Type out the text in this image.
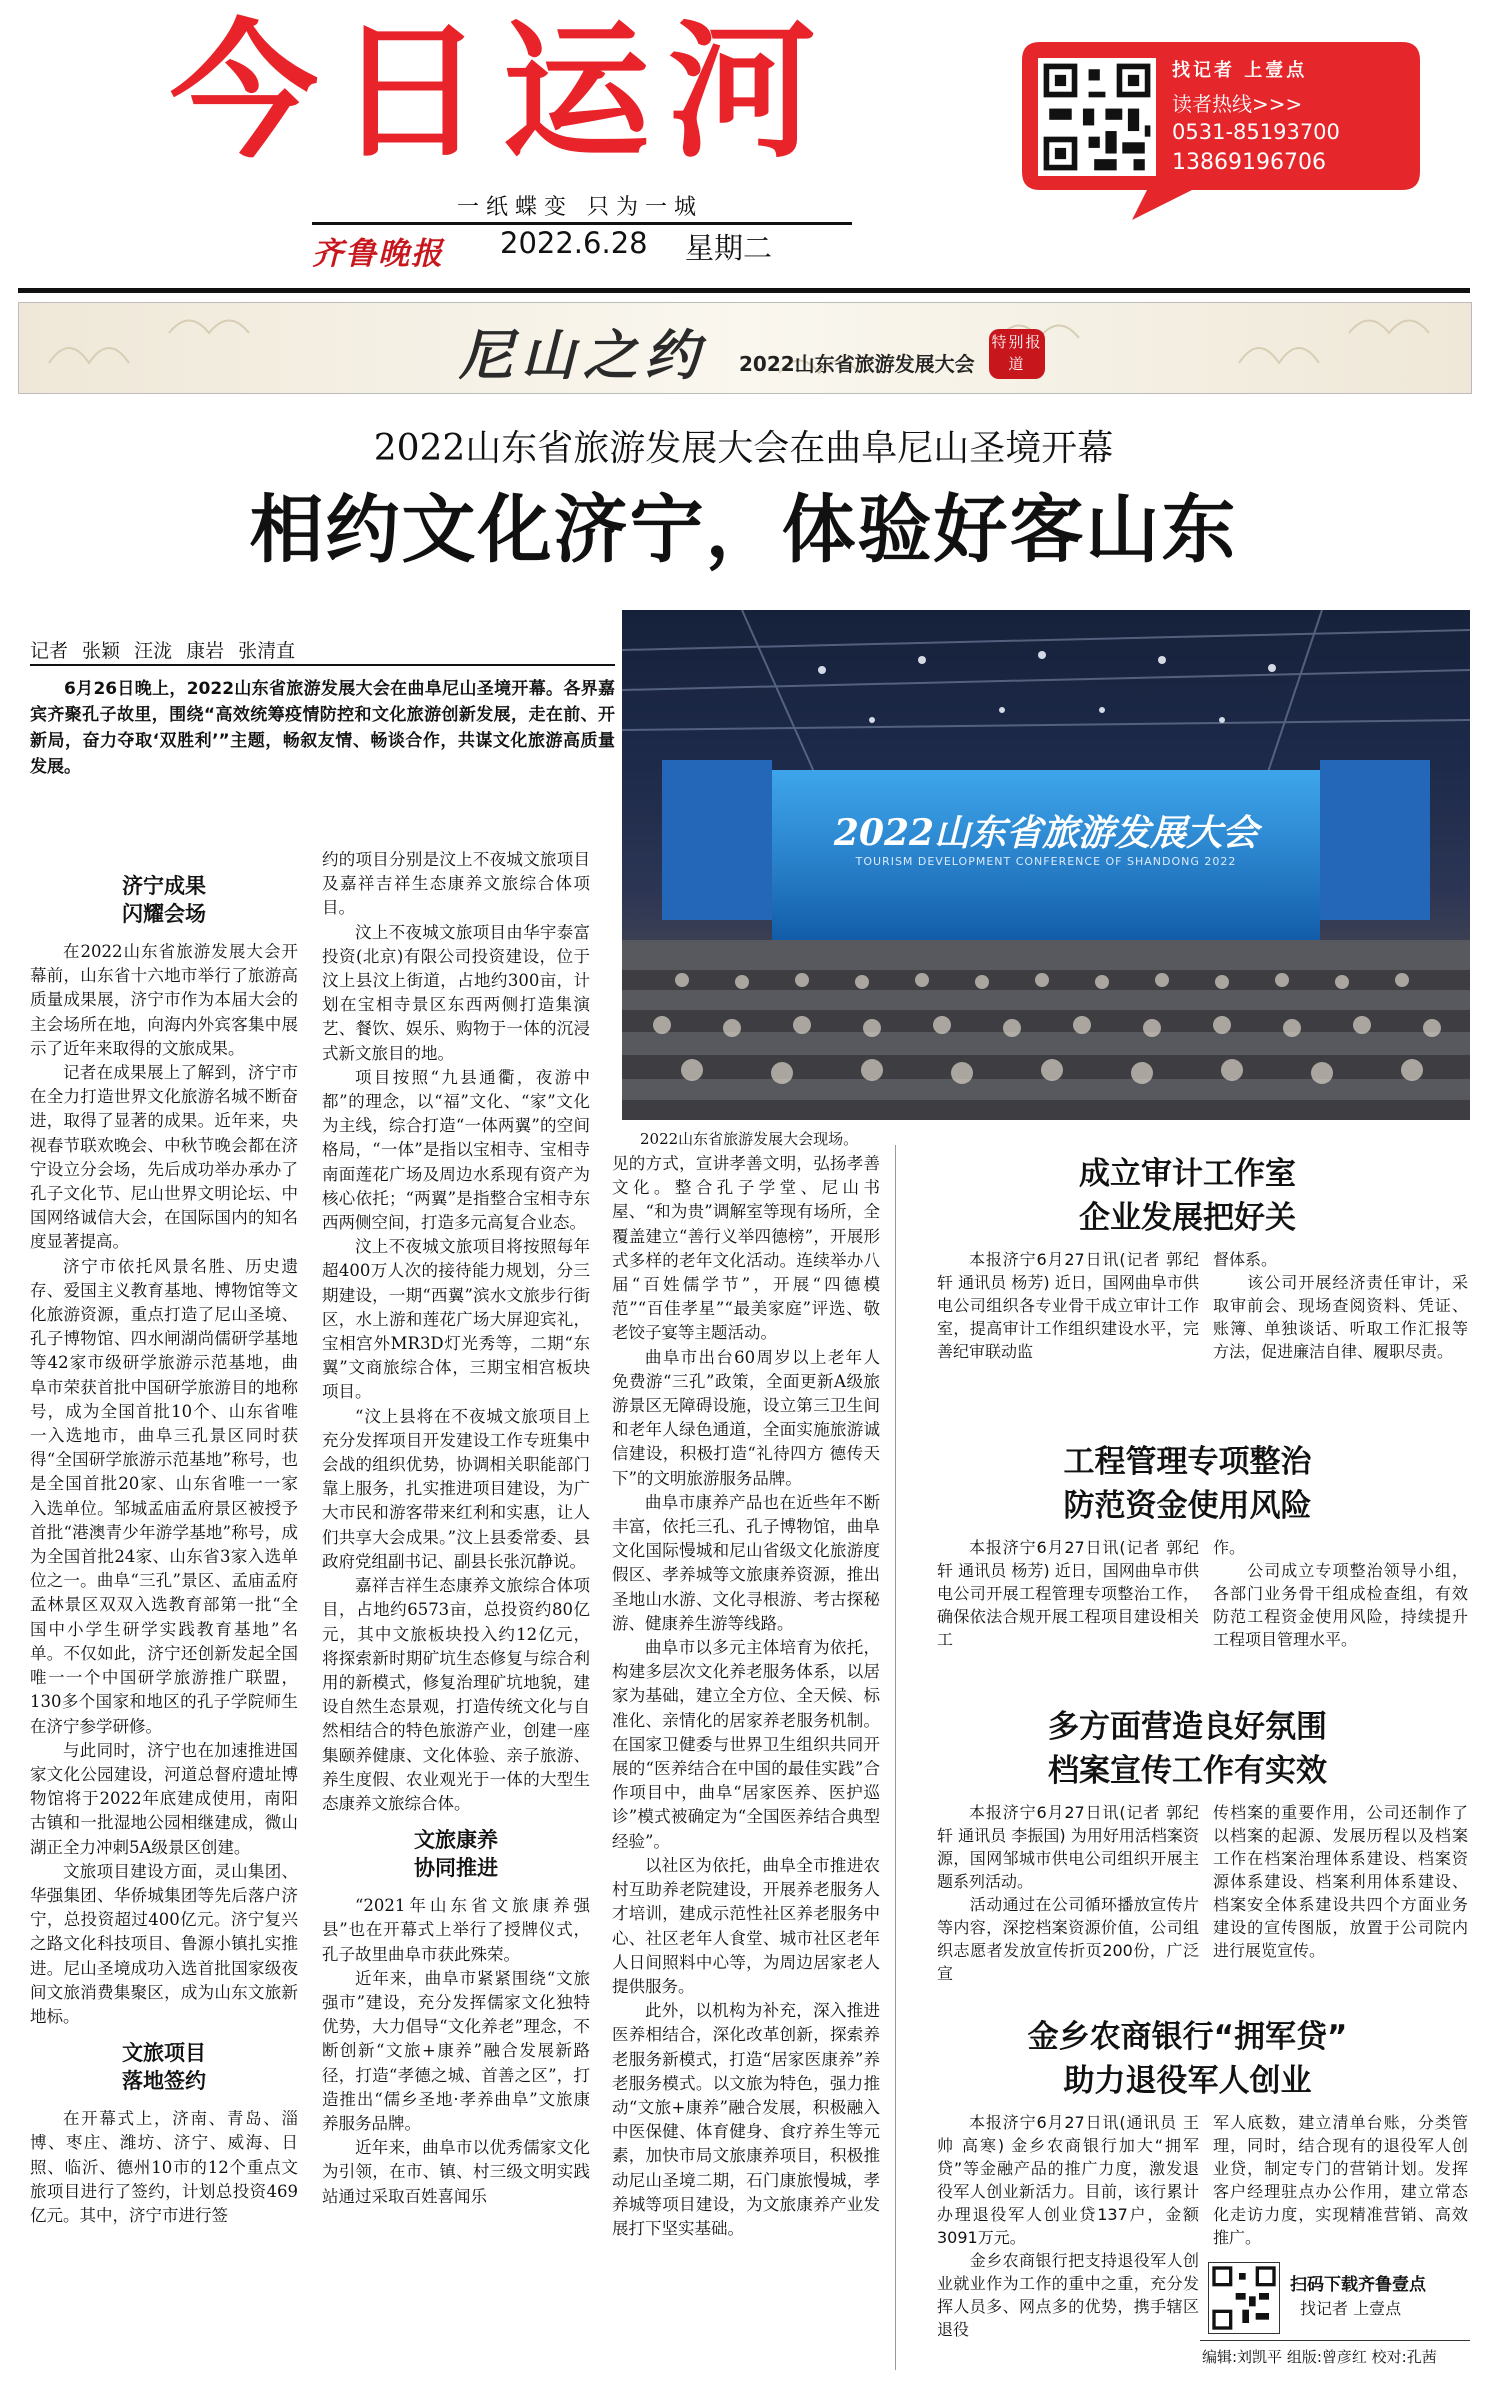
今日运河
一纸蝶变 只为一城
齐鲁晚报 2022.6.28 星期二
找记者 上壹点
读者热线>>>
0531-85193700
13869196706
尼山之约 2022山东省旅游发展大会
特别报道
2022山东省旅游发展大会在曲阜尼山圣境开幕
相约文化济宁，体验好客山东
记者 张颖 汪泷 康岩 张清直
6月26日晚上，2022山东省旅游发展大会在曲阜尼山圣境开幕。各界嘉宾齐聚孔子故里，围绕“高效统筹疫情防控和文化旅游创新发展，走在前、开新局，奋力夺取‘双胜利’”主题，畅叙友情、畅谈合作，共谋文化旅游高质量发展。
2022山东省旅游发展大会
TOURISM DEVELOPMENT CONFERENCE OF SHANDONG 2022
2022山东省旅游发展大会现场。
济宁成果
闪耀会场

在2022山东省旅游发展大会开幕前，山东省十六地市举行了旅游高质量成果展，济宁市作为本届大会的主会场所在地，向海内外宾客集中展示了近年来取得的文旅成果。

记者在成果展上了解到，济宁市在全力打造世界文化旅游名城不断奋进，取得了显著的成果。近年来，央视春节联欢晚会、中秋节晚会都在济宁设立分会场，先后成功举办承办了孔子文化节、尼山世界文明论坛、中国网络诚信大会，在国际国内的知名度显著提高。

济宁市依托风景名胜、历史遗存、爱国主义教育基地、博物馆等文化旅游资源，重点打造了尼山圣境、孔子博物馆、四水闸湖尚儒研学基地等42家市级研学旅游示范基地，曲阜市荣获首批中国研学旅游目的地称号，成为全国首批10个、山东省唯一入选地市，曲阜三孔景区同时获得“全国研学旅游示范基地”称号，也是全国首批20家、山东省唯一一家入选单位。邹城孟庙孟府景区被授予首批“港澳青少年游学基地”称号，成为全国首批24家、山东省3家入选单位之一。曲阜“三孔”景区、孟庙孟府孟林景区双双入选教育部第一批“全国中小学生研学实践教育基地”名单。不仅如此，济宁还创新发起全国唯一一个中国研学旅游推广联盟，130多个国家和地区的孔子学院师生在济宁参学研修。

与此同时，济宁也在加速推进国家文化公园建设，河道总督府遗址博物馆将于2022年底建成使用，南阳古镇和一批湿地公园相继建成，微山湖正全力冲刺5A级景区创建。

文旅项目建设方面，灵山集团、华强集团、华侨城集团等先后落户济宁，总投资超过400亿元。济宁复兴之路文化科技项目、鲁源小镇扎实推进。尼山圣境成功入选首批国家级夜间文旅消费集聚区，成为山东文旅新地标。

文旅项目
落地签约

在开幕式上，济南、青岛、淄博、枣庄、潍坊、济宁、威海、日照、临沂、德州10市的12个重点文旅项目进行了签约，计划总投资469亿元。其中，济宁市进行签

约的项目分别是汶上不夜城文旅项目及嘉祥吉祥生态康养文旅综合体项目。

汶上不夜城文旅项目由华宇泰富投资(北京)有限公司投资建设，位于汶上县汶上街道，占地约300亩，计划在宝相寺景区东西两侧打造集演艺、餐饮、娱乐、购物于一体的沉浸式新文旅目的地。

项目按照“九县通衢，夜游中都”的理念，以“福”文化、“家”文化为主线，综合打造“一体两翼”的空间格局，“一体”是指以宝相寺、宝相寺南面莲花广场及周边水系现有资产为核心依托；“两翼”是指整合宝相寺东西两侧空间，打造多元高复合业态。

汶上不夜城文旅项目将按照每年超400万人次的接待能力规划，分三期建设，一期“西翼”滨水文旅步行街区，水上游和莲花广场大屏迎宾礼，宝相宫外MR3D灯光秀等，二期“东翼”文商旅综合体，三期宝相宫板块项目。

“汶上县将在不夜城文旅项目上充分发挥项目开发建设工作专班集中会战的组织优势，协调相关职能部门靠上服务，扎实推进项目建设，为广大市民和游客带来红利和实惠，让人们共享大会成果。”汶上县委常委、县政府党组副书记、副县长张沉静说。

嘉祥吉祥生态康养文旅综合体项目，占地约6573亩，总投资约80亿元，其中文旅板块投入约12亿元，将探索新时期矿坑生态修复与综合利用的新模式，修复治理矿坑地貌，建设自然生态景观，打造传统文化与自然相结合的特色旅游产业，创建一座集颐养健康、文化体验、亲子旅游、养生度假、农业观光于一体的大型生态康养文旅综合体。

文旅康养
协同推进

“2021年山东省文旅康养强县”也在开幕式上举行了授牌仪式，孔子故里曲阜市获此殊荣。

近年来，曲阜市紧紧围绕“文旅强市”建设，充分发挥儒家文化独特优势，大力倡导“文化养老”理念，不断创新“文旅+康养”融合发展新路径，打造“孝德之城、首善之区”，打造推出“儒乡圣地·孝养曲阜”文旅康养服务品牌。

近年来，曲阜市以优秀儒家文化为引领，在市、镇、村三级文明实践站通过采取百姓喜闻乐

见的方式，宣讲孝善文明，弘扬孝善文化。整合孔子学堂、尼山书屋、“和为贵”调解室等现有场所，全覆盖建立“善行义举四德榜”，开展形式多样的老年文化活动。连续举办八届“百姓儒学节”，开展“四德模范”“百佳孝星”“最美家庭”评选、敬老饺子宴等主题活动。

曲阜市出台60周岁以上老年人免费游“三孔”政策，全面更新A级旅游景区无障碍设施，设立第三卫生间和老年人绿色通道，全面实施旅游诚信建设，积极打造“礼待四方 德传天下”的文明旅游服务品牌。

曲阜市康养产品也在近些年不断丰富，依托三孔、孔子博物馆，曲阜文化国际慢城和尼山省级文化旅游度假区、孝养城等文旅康养资源，推出圣地山水游、文化寻根游、考古探秘游、健康养生游等线路。

曲阜市以多元主体培育为依托，构建多层次文化养老服务体系，以居家为基础，建立全方位、全天候、标准化、亲情化的居家养老服务机制。在国家卫健委与世界卫生组织共同开展的“医养结合在中国的最佳实践”合作项目中，曲阜“居家医养、医护巡诊”模式被确定为“全国医养结合典型经验”。

以社区为依托，曲阜全市推进农村互助养老院建设，开展养老服务人才培训，建成示范性社区养老服务中心、社区老年人食堂、城市社区老年人日间照料中心等，为周边居家老人提供服务。

此外，以机构为补充，深入推进医养相结合，深化改革创新，探索养老服务新模式，打造“居家医康养”养老服务模式。以文旅为特色，强力推动“文旅+康养”融合发展，积极融入中医保健、体育健身、食疗养生等元素，加快市局文旅康养项目，积极推动尼山圣境二期，石门康旅慢城，孝养城等项目建设，为文旅康养产业发展打下坚实基础。

成立审计工作室
企业发展把好关
本报济宁6月27日讯(记者 郭纪轩 通讯员 杨芳) 近日，国网曲阜市供电公司组织各专业骨干成立审计工作室，提高审计工作组织建设水平，完善纪审联动监
督体系。
　　该公司开展经济责任审计，采取审前会、现场查阅资料、凭证、账簿、单独谈话、听取工作汇报等方法，促进廉洁自律、履职尽责。
工程管理专项整治
防范资金使用风险
本报济宁6月27日讯(记者 郭纪轩 通讯员 杨芳) 近日，国网曲阜市供电公司开展工程管理专项整治工作，确保依法合规开展工程项目建设相关工
作。
　　公司成立专项整治领导小组，各部门业务骨干组成检查组，有效防范工程资金使用风险，持续提升工程项目管理水平。
多方面营造良好氛围
档案宣传工作有实效
本报济宁6月27日讯(记者 郭纪轩 通讯员 李振国) 为用好用活档案资源，国网邹城市供电公司组织开展主题系列活动。
　　活动通过在公司循环播放宣传片等内容，深挖档案资源价值，公司组织志愿者发放宣传折页200份，广泛宣
传档案的重要作用，公司还制作了以档案的起源、发展历程以及档案工作在档案治理体系建设、档案资源体系建设、档案利用体系建设、档案安全体系建设共四个方面业务建设的宣传图版，放置于公司院内进行展览宣传。
金乡农商银行“拥军贷”
助力退役军人创业
本报济宁6月27日讯(通讯员 王帅 高寒) 金乡农商银行加大“拥军贷”等金融产品的推广力度，激发退役军人创业新活力。目前，该行累计办理退役军人创业贷137户，金额3091万元。
　　金乡农商银行把支持退役军人创业就业作为工作的重中之重，充分发挥人员多、网点多的优势，携手辖区退役
军人底数，建立清单台账，分类管理，同时，结合现有的退役军人创业贷，制定专门的营销计划。发挥客户经理驻点办公作用，建立常态化走访力度，实现精准营销、高效推广。
扫码下载齐鲁壹点
找记者 上壹点
编辑:刘凯平 组版:曾彦红 校对:孔茜
